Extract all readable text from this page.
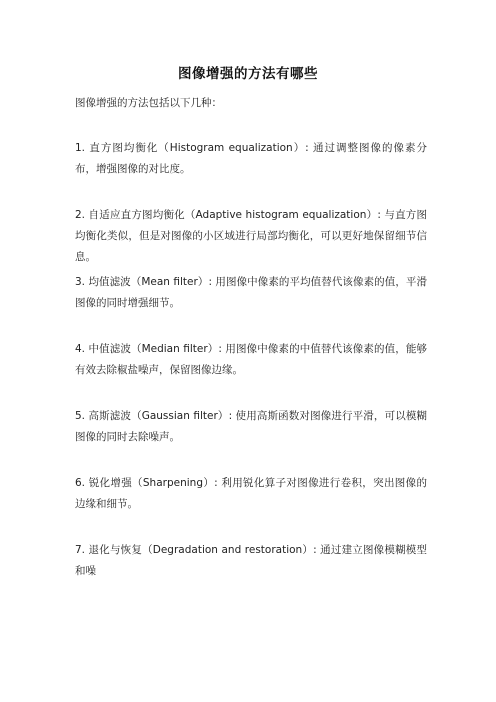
图像增强的方法有哪些
图像增强的方法包括以下几种：

1. 直方图均衡化（Histogram equalization）: 通过调整图像的像素分布，增强图像的对比度。

2. 自适应直方图均衡化（Adaptive histogram equalization）: 与直方图均衡化类似，但是对图像的小区域进行局部均衡化，可以更好地保留细节信息。

3. 均值滤波（Mean filter）: 用图像中像素的平均值替代该像素的值，平滑图像的同时增强细节。

4. 中值滤波（Median filter）: 用图像中像素的中值替代该像素的值，能够有效去除椒盐噪声，保留图像边缘。

5. 高斯滤波（Gaussian filter）: 使用高斯函数对图像进行平滑，可以模糊图像的同时去除噪声。

6. 锐化增强（Sharpening）: 利用锐化算子对图像进行卷积，突出图像的边缘和细节。

7. 退化与恢复（Degradation and restoration）: 通过建立图像模糊模型和噪
